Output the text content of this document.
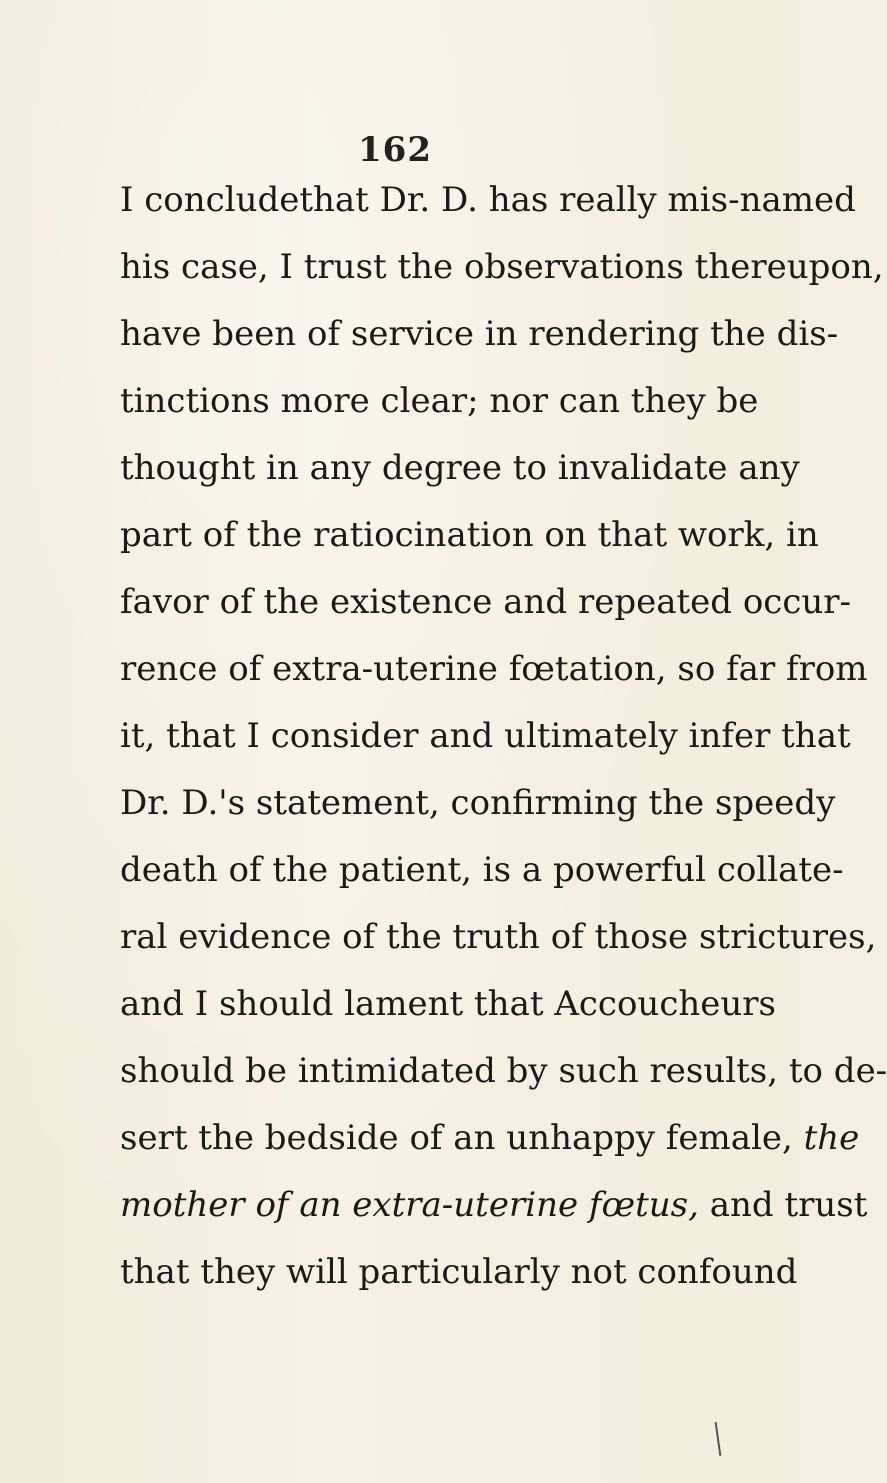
162
I concludethat Dr. D. has really mis-named
his case, I trust the observations thereupon,
have been of service in rendering the dis-
tinctions more clear; nor can they be
thought in any degree to invalidate any
part of the ratiocination on that work, in
favor of the existence and repeated occur-
rence of extra-uterine fœtation, so far from
it, that I consider and ultimately infer that
Dr. D.'s statement, confirming the speedy
death of the patient, is a powerful collate-
ral evidence of the truth of those strictures,
and I should lament that Accoucheurs
should be intimidated by such results, to de-
sert the bedside of an unhappy female, the
mother of an extra-uterine fœtus, and trust
that they will particularly not confound
